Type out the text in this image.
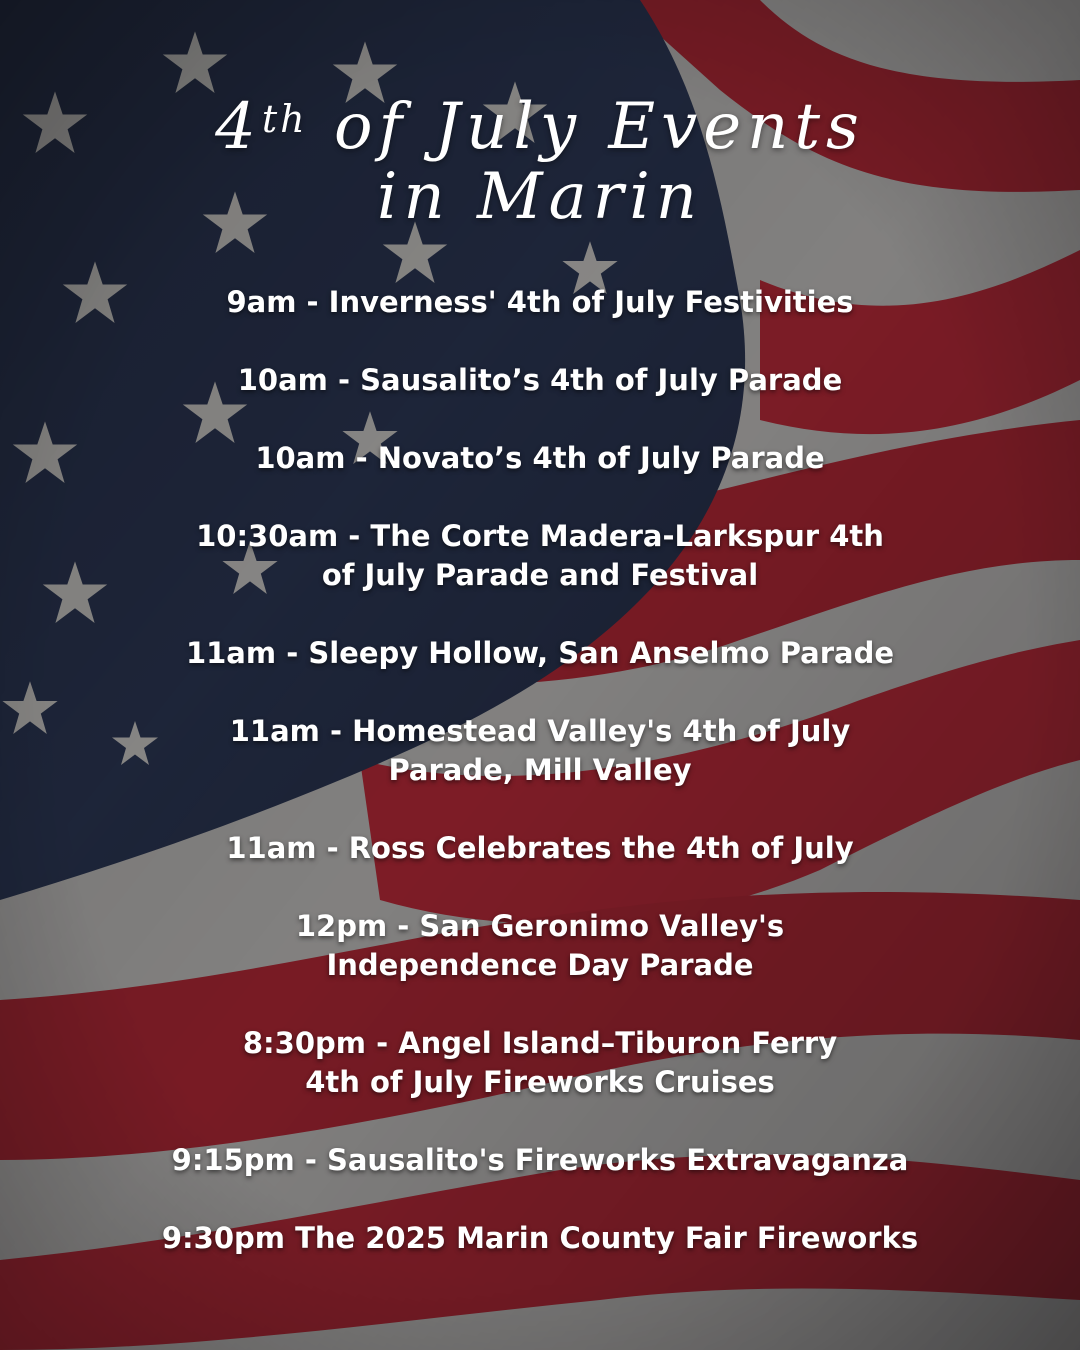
4th of July Events
in Marin
9am - Inverness' 4th of July Festivities
10am - Sausalito’s 4th of July Parade
10am - Novato’s 4th of July Parade
10:30am - The Corte Madera-Larkspur 4th
of July Parade and Festival
11am - Sleepy Hollow, San Anselmo Parade
11am - Homestead Valley's 4th of July
Parade, Mill Valley
11am - Ross Celebrates the 4th of July
12pm - San Geronimo Valley's
Independence Day Parade
8:30pm - Angel Island–Tiburon Ferry
4th of July Fireworks Cruises
9:15pm - Sausalito's Fireworks Extravaganza
9:30pm The 2025 Marin County Fair Fireworks
